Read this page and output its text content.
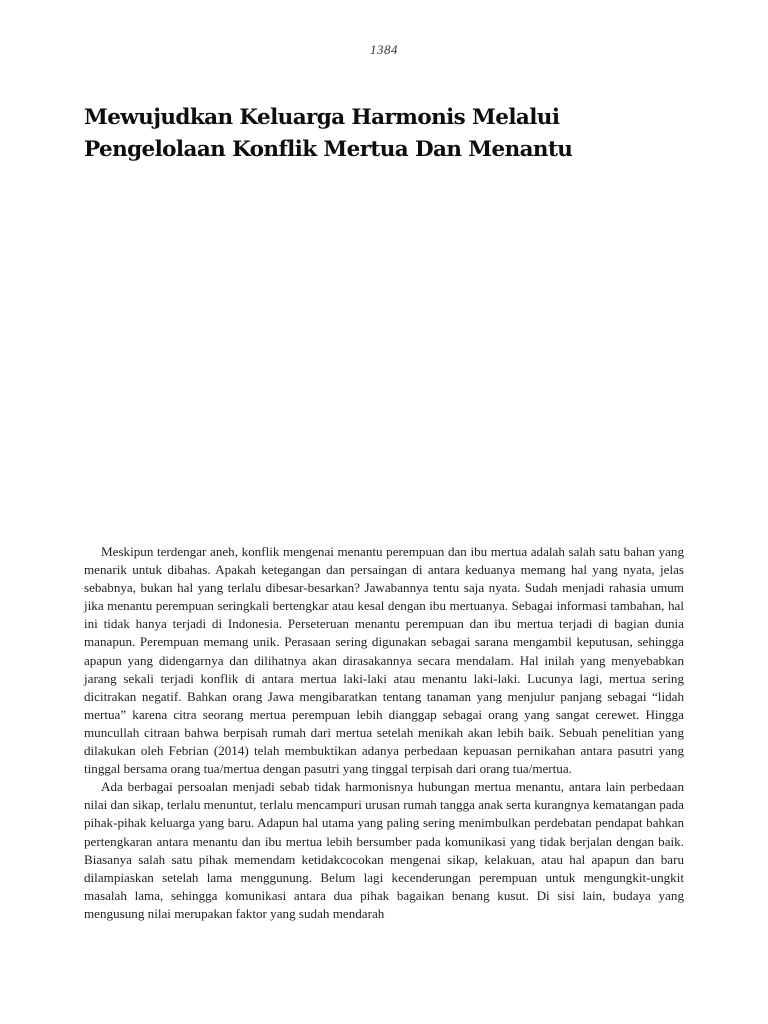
1384
Mewujudkan Keluarga Harmonis Melalui
Pengelolaan Konflik Mertua Dan Menantu

Meskipun terdengar aneh, konflik mengenai menantu perempuan dan ibu mertua adalah salah satu bahan yang menarik untuk dibahas. Apakah ketegangan dan persaingan di antara keduanya memang hal yang nyata, jelas sebabnya, bukan hal yang terlalu dibesar-besarkan? Jawabannya tentu saja nyata. Sudah menjadi rahasia umum jika menantu perempuan seringkali bertengkar atau kesal dengan ibu mertuanya. Sebagai informasi tambahan, hal ini tidak hanya terjadi di Indonesia. Perseteruan menantu perempuan dan ibu mertua terjadi di bagian dunia manapun. Perempuan memang unik. Perasaan sering digunakan sebagai sarana mengambil keputusan, sehingga apapun yang didengarnya dan dilihatnya akan dirasakannya secara mendalam. Hal inilah yang menyebabkan jarang sekali terjadi konflik di antara mertua laki-laki atau menantu laki-laki. Lucunya lagi, mertua sering dicitrakan negatif. Bahkan orang Jawa mengibaratkan tentang tanaman yang menjulur panjang sebagai “lidah mertua” karena citra seorang mertua perempuan lebih dianggap sebagai orang yang sangat cerewet. Hingga muncullah citraan bahwa berpisah rumah dari mertua setelah menikah akan lebih baik. Sebuah penelitian yang dilakukan oleh Febrian (2014) telah membuktikan adanya perbedaan kepuasan pernikahan antara pasutri yang tinggal bersama orang tua/mertua dengan pasutri yang tinggal terpisah dari orang tua/mertua.

Ada berbagai persoalan menjadi sebab tidak harmonisnya hubungan mertua menantu, antara lain perbedaan nilai dan sikap, terlalu menuntut, terlalu mencampuri urusan rumah tangga anak serta kurangnya kematangan pada pihak-pihak keluarga yang baru. Adapun hal utama yang paling sering menimbulkan perdebatan pendapat bahkan pertengkaran antara menantu dan ibu mertua lebih bersumber pada komunikasi yang tidak berjalan dengan baik. Biasanya salah satu pihak memendam ketidakcocokan mengenai sikap, kelakuan, atau hal apapun dan baru dilampiaskan setelah lama menggunung. Belum lagi kecenderungan perempuan untuk mengungkit-ungkit masalah lama, sehingga komunikasi antara dua pihak bagaikan benang kusut. Di sisi lain, budaya yang mengusung nilai merupakan faktor yang sudah mendarah
